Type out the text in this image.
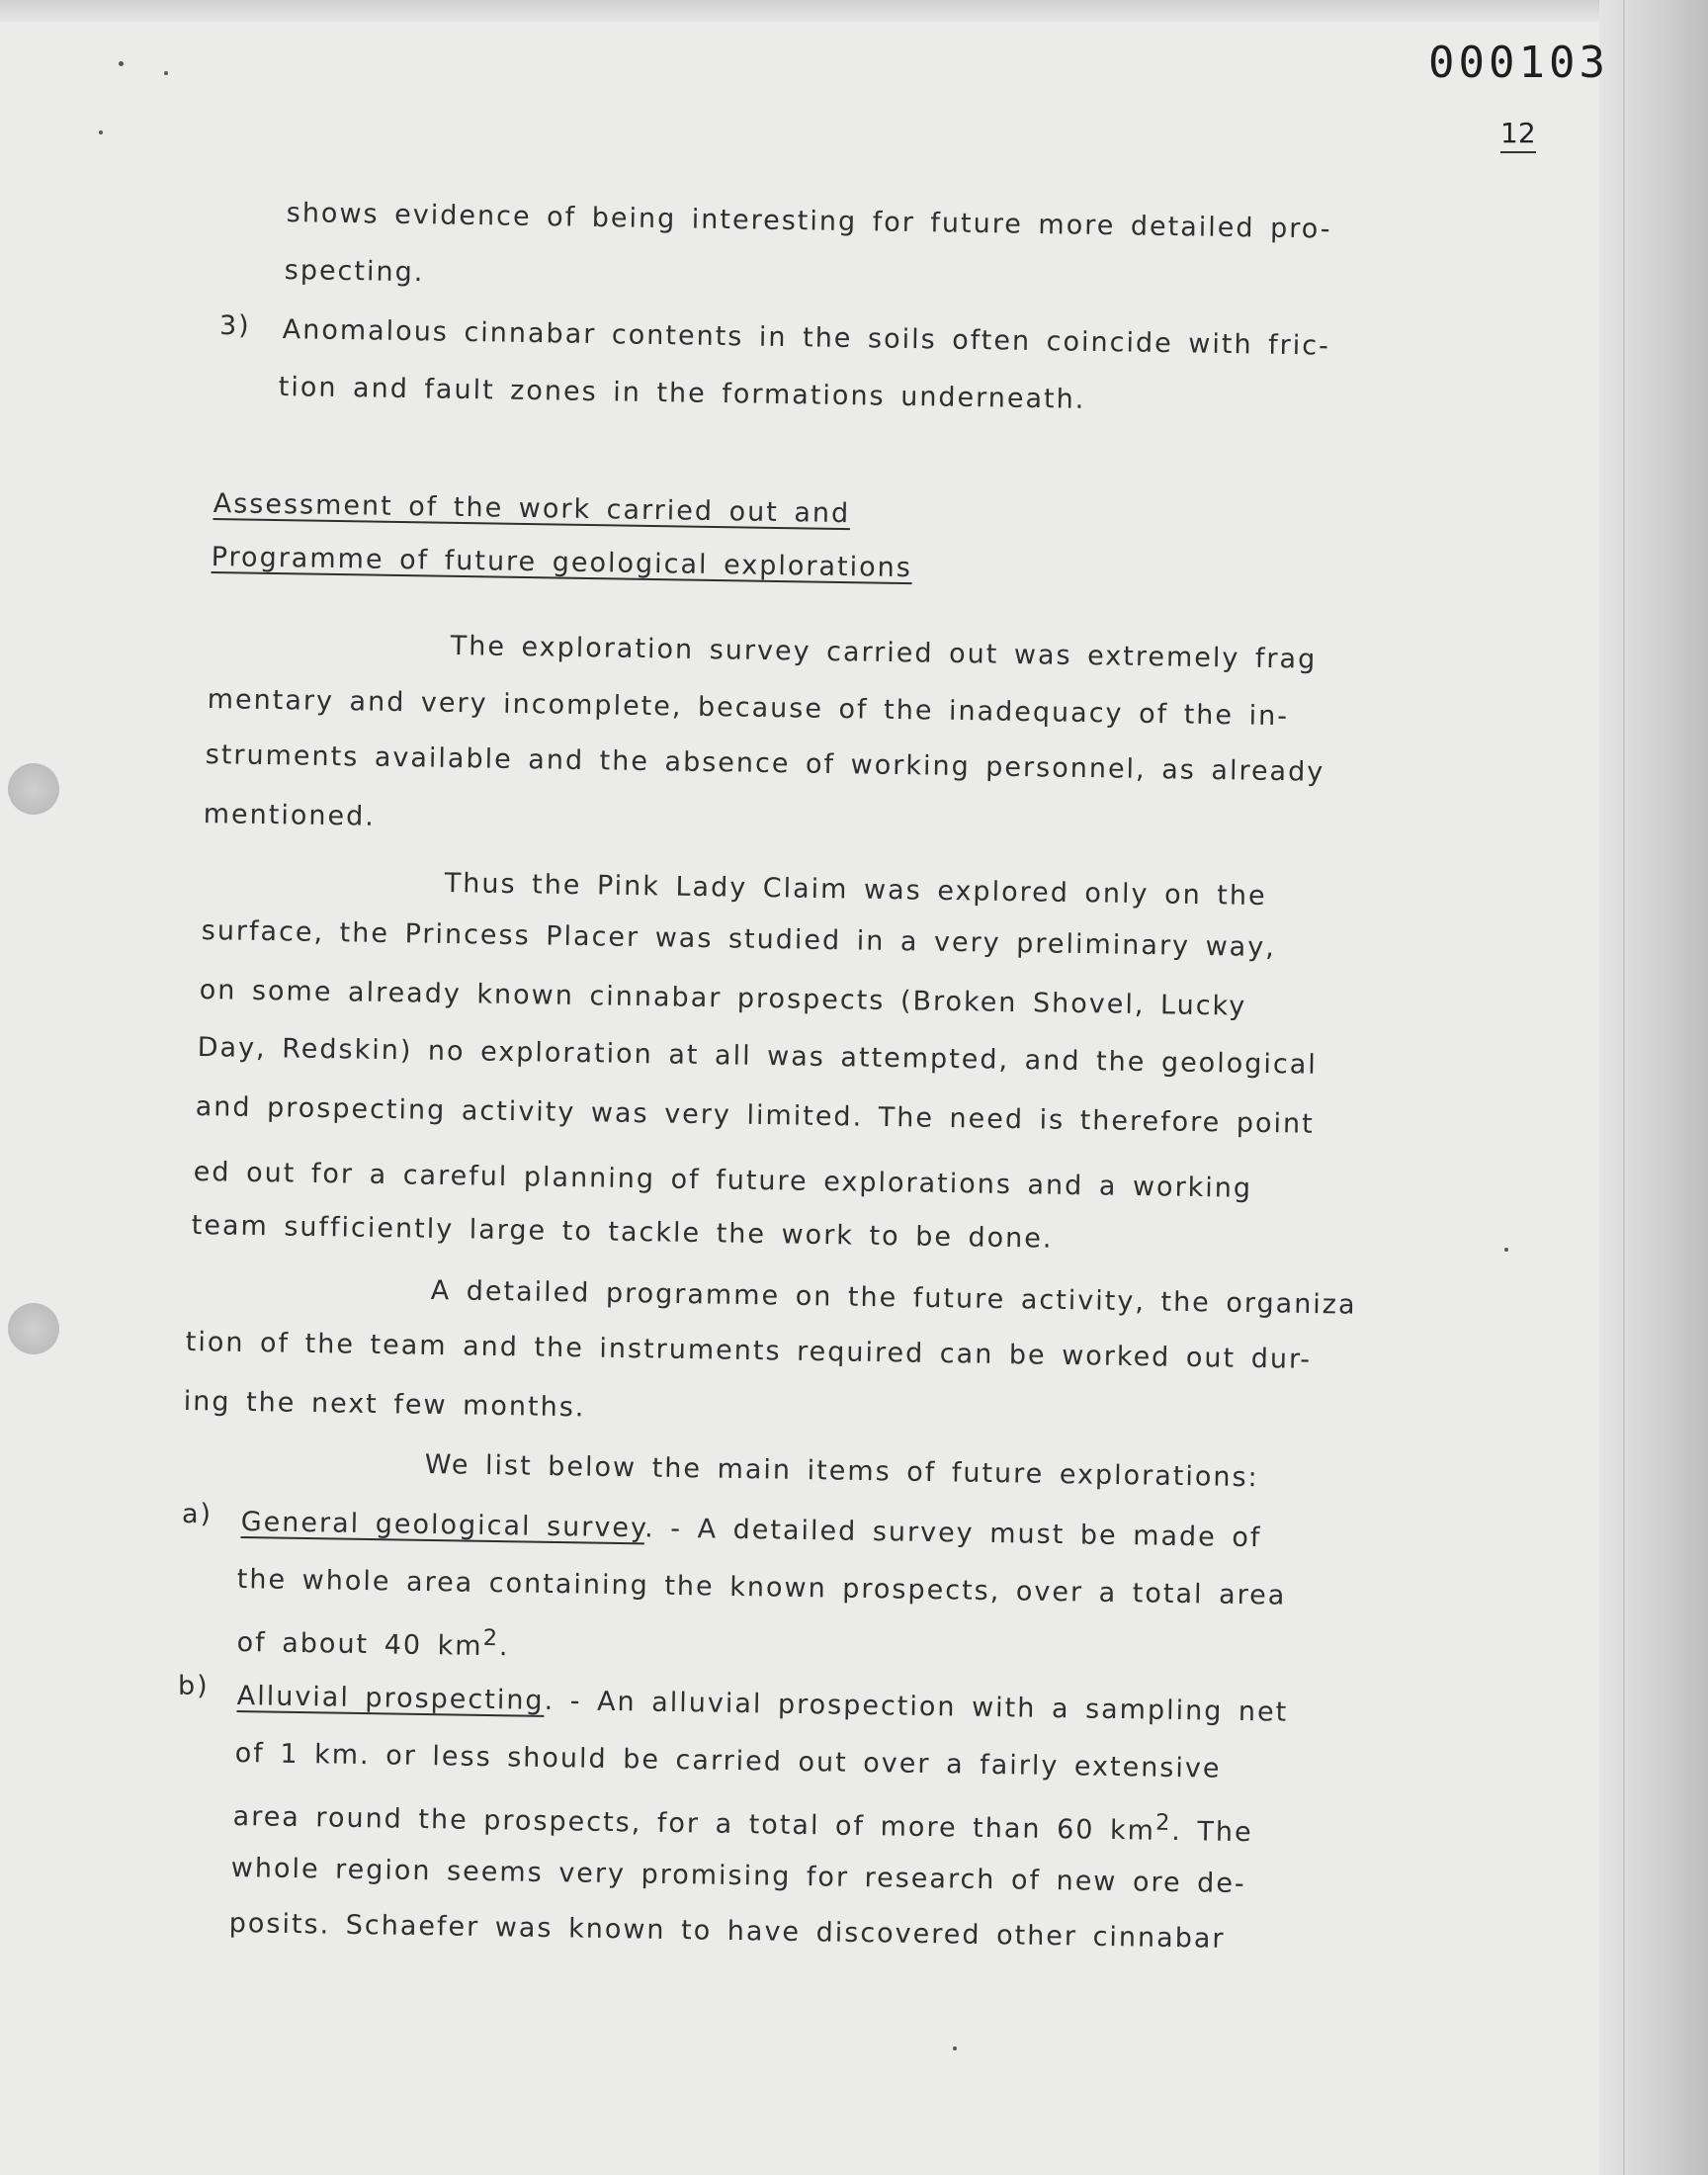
000103
12
shows evidence of being interesting for future more detailed pro-
specting.
3) Anomalous cinnabar contents in the soils often coincide with fric-
tion and fault zones in the formations underneath.
Assessment of the work carried out and
Programme of future geological explorations
The exploration survey carried out was extremely frag
mentary and very incomplete, because of the inadequacy of the in-
struments available and the absence of working personnel, as already
mentioned.
Thus the Pink Lady Claim was explored only on the
surface, the Princess Placer was studied in a very preliminary way,
on some already known cinnabar prospects (Broken Shovel, Lucky
Day, Redskin) no exploration at all was attempted, and the geological
and prospecting activity was very limited. The need is therefore point
ed out for a careful planning of future explorations and a working
team sufficiently large to tackle the work to be done.
A detailed programme on the future activity, the organiza
tion of the team and the instruments required can be worked out dur-
ing the next few months.
We list below the main items of future explorations:
a) General geological survey. - A detailed survey must be made of
the whole area containing the known prospects, over a total area
of about 40 $km^2$.
b) Alluvial prospecting. - An alluvial prospection with a sampling net
of 1 km. or less should be carried out over a fairly extensive
area round the prospects, for a total of more than 60 $km^2$. The
whole region seems very promising for research of new ore de-
posits. Schaefer was known to have discovered other cinnabar
